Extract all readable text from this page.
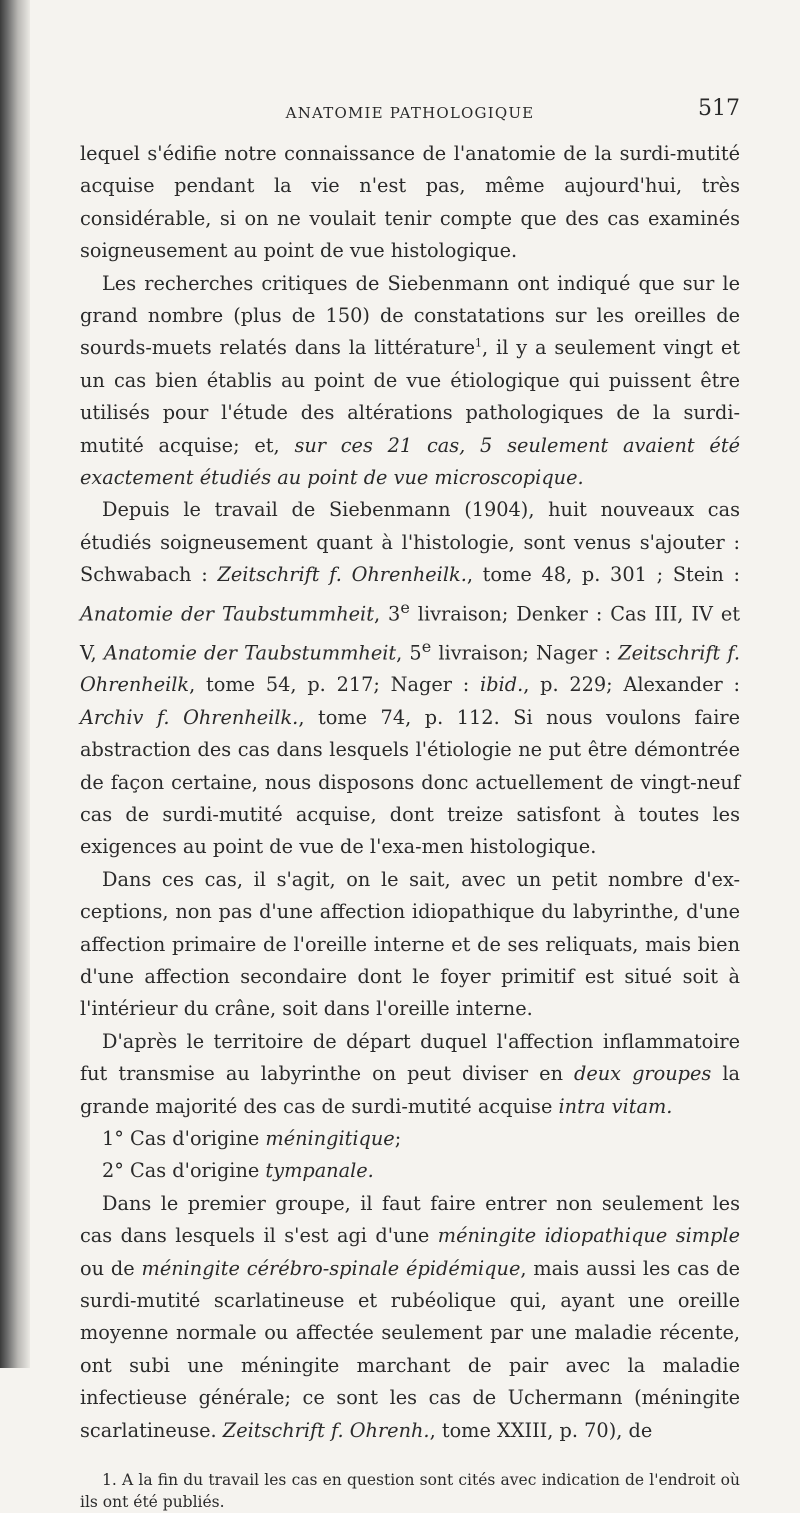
ANATOMIE PATHOLOGIQUE	517

lequel s'édifie notre connaissance de l'anatomie de la surdi-mutité acquise pendant la vie n'est pas, même aujourd'hui, très considérable, si on ne voulait tenir compte que des cas examinés soigneusement au point de vue histologique.

Les recherches critiques de Siebenmann ont indiqué que sur le grand nombre (plus de 150) de constatations sur les oreilles de sourds-muets relatés dans la littérature$^1$, il y a seulement vingt et un cas bien établis au point de vue étiologique qui puissent être utilisés pour l'étude des altérations pathologiques de la surdi-mutité acquise; et, sur ces 21 cas, 5 seulement avaient été exactement étudiés au point de vue microscopique.

Depuis le travail de Siebenmann (1904), huit nouveaux cas étudiés soigneusement quant à l'histologie, sont venus s'ajouter : Schwabach : Zeitschrift f. Ohrenheilk., tome 48, p. 301 ; Stein : Anatomie der Taubstummheit, 3e livraison; Denker : Cas III, IV et V, Anatomie der Taubstummheit, 5e livraison; Nager : Zeitschrift f. Ohrenheilk, tome 54, p. 217; Nager : ibid., p. 229; Alexander : Archiv f. Ohrenheilk., tome 74, p. 112. Si nous voulons faire abstraction des cas dans lesquels l'étiologie ne put être démontrée de façon certaine, nous disposons donc actuellement de vingt-neuf cas de surdi-mutité acquise, dont treize satisfont à toutes les exigences au point de vue de l'exa-men histologique.

Dans ces cas, il s'agit, on le sait, avec un petit nombre d'ex-ceptions, non pas d'une affection idiopathique du labyrinthe, d'une affection primaire de l'oreille interne et de ses reliquats, mais bien d'une affection secondaire dont le foyer primitif est situé soit à l'intérieur du crâne, soit dans l'oreille interne.

D'après le territoire de départ duquel l'affection inflammatoire fut transmise au labyrinthe on peut diviser en deux groupes la grande majorité des cas de surdi-mutité acquise intra vitam.

1° Cas d'origine méningitique;

2° Cas d'origine tympanale.

Dans le premier groupe, il faut faire entrer non seulement les cas dans lesquels il s'est agi d'une méningite idiopathique simple ou de méningite cérébro-spinale épidémique, mais aussi les cas de surdi-mutité scarlatineuse et rubéolique qui, ayant une oreille moyenne normale ou affectée seulement par une maladie récente, ont subi une méningite marchant de pair avec la maladie infectieuse générale; ce sont les cas de Uchermann (méningite scarlatineuse. Zeitschrift f. Ohrenh., tome XXIII, p. 70), de

1. A la fin du travail les cas en question sont cités avec indication de l'endroit où ils ont été publiés.
